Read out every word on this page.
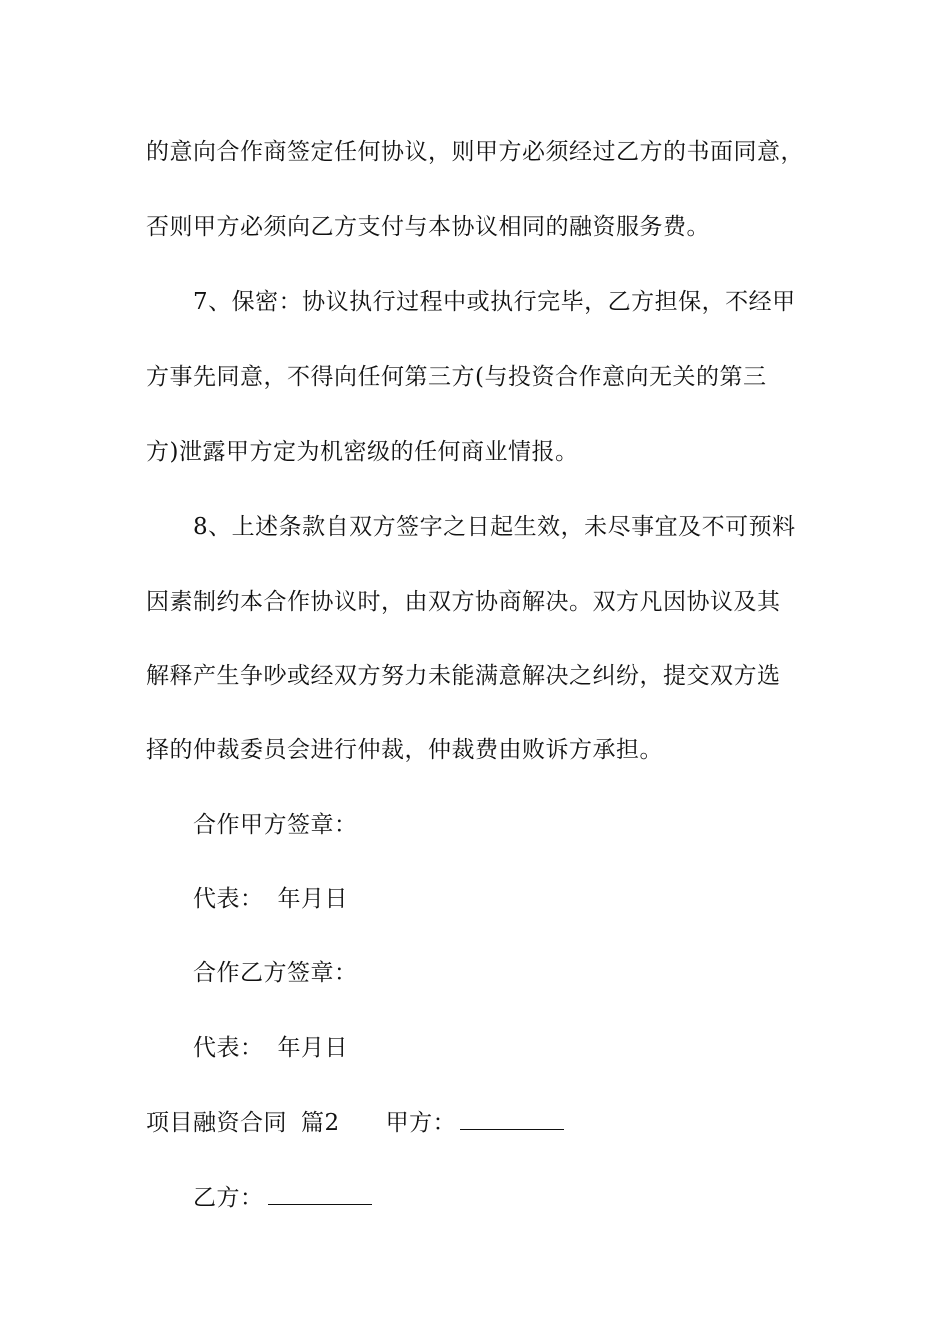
的意向合作商签定任何协议，则甲方必须经过乙方的书面同意，
否则甲方必须向乙方支付与本协议相同的融资服务费。
7、保密：协议执行过程中或执行完毕，乙方担保，不经甲
方事先同意，不得向任何第三方(与投资合作意向无关的第三
方)泄露甲方定为机密级的任何商业情报。
8、上述条款自双方签字之日起生效，未尽事宜及不可预料
因素制约本合作协议时，由双方协商解决。双方凡因协议及其
解释产生争吵或经双方努力未能满意解决之纠纷，提交双方选
择的仲裁委员会进行仲裁，仲裁费由败诉方承担。
合作甲方签章：
代表： 年月日
合作乙方签章：
代表： 年月日
项目融资合同 篇2 甲方：
乙方：
